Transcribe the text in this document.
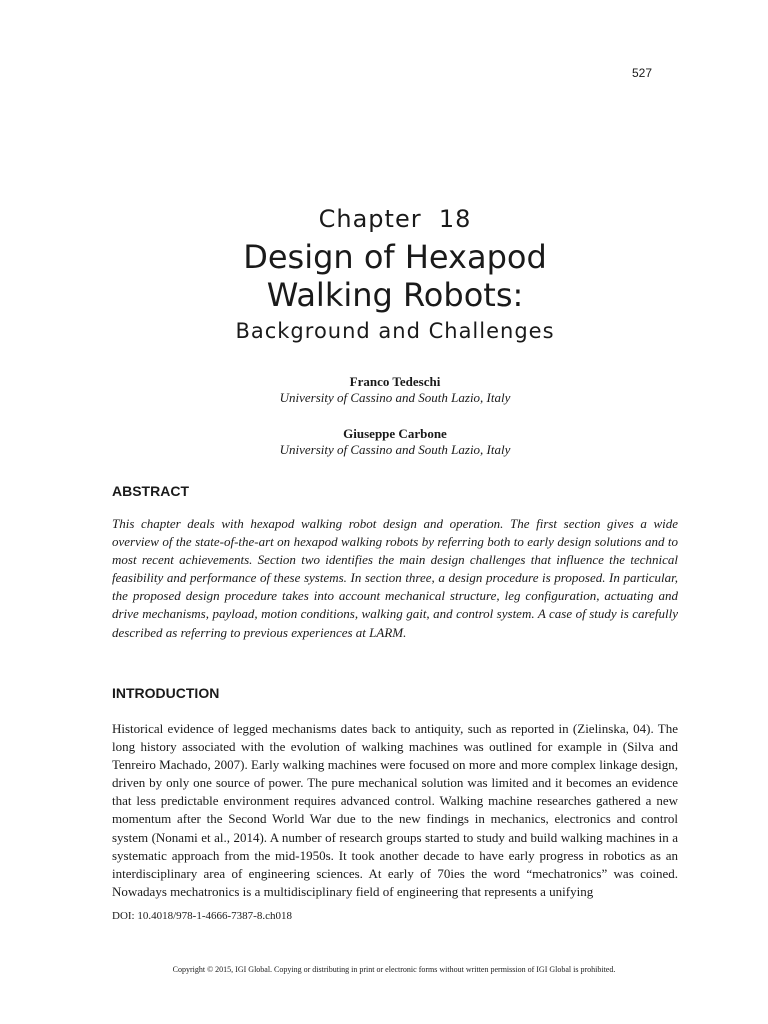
527
Chapter  18
Design of Hexapod
Walking Robots:
Background and Challenges
Franco Tedeschi
University of Cassino and South Lazio, Italy
Giuseppe Carbone
University of Cassino and South Lazio, Italy
ABSTRACT
This chapter deals with hexapod walking robot design and operation. The first section gives a wide overview of the state-of-the-art on hexapod walking robots by referring both to early design solutions and to most recent achievements. Section two identifies the main design challenges that influence the technical feasibility and performance of these systems. In section three, a design procedure is proposed. In particular, the proposed design procedure takes into account mechanical structure, leg configuration, actuating and drive mechanisms, payload, motion conditions, walking gait, and control system. A case of study is carefully described as referring to previous experiences at LARM.
INTRODUCTION
Historical evidence of legged mechanisms dates back to antiquity, such as reported in (Zielinska, 04). The long history associated with the evolution of walking machines was outlined for example in (Silva and Tenreiro Machado, 2007). Early walking machines were focused on more and more complex linkage design, driven by only one source of power. The pure mechanical solution was limited and it becomes an evidence that less predictable environment requires advanced control. Walking machine researches gathered a new momentum after the Second World War due to the new findings in mechanics, electronics and control system (Nonami et al., 2014). A number of research groups started to study and build walking machines in a systematic approach from the mid-1950s. It took another decade to have early progress in robotics as an interdisciplinary area of engineering sciences. At early of 70ies the word “mechatronics” was coined. Nowadays mechatronics is a multidisciplinary field of engineering that represents a unifying
DOI: 10.4018/978-1-4666-7387-8.ch018
Copyright © 2015, IGI Global. Copying or distributing in print or electronic forms without written permission of IGI Global is prohibited.
